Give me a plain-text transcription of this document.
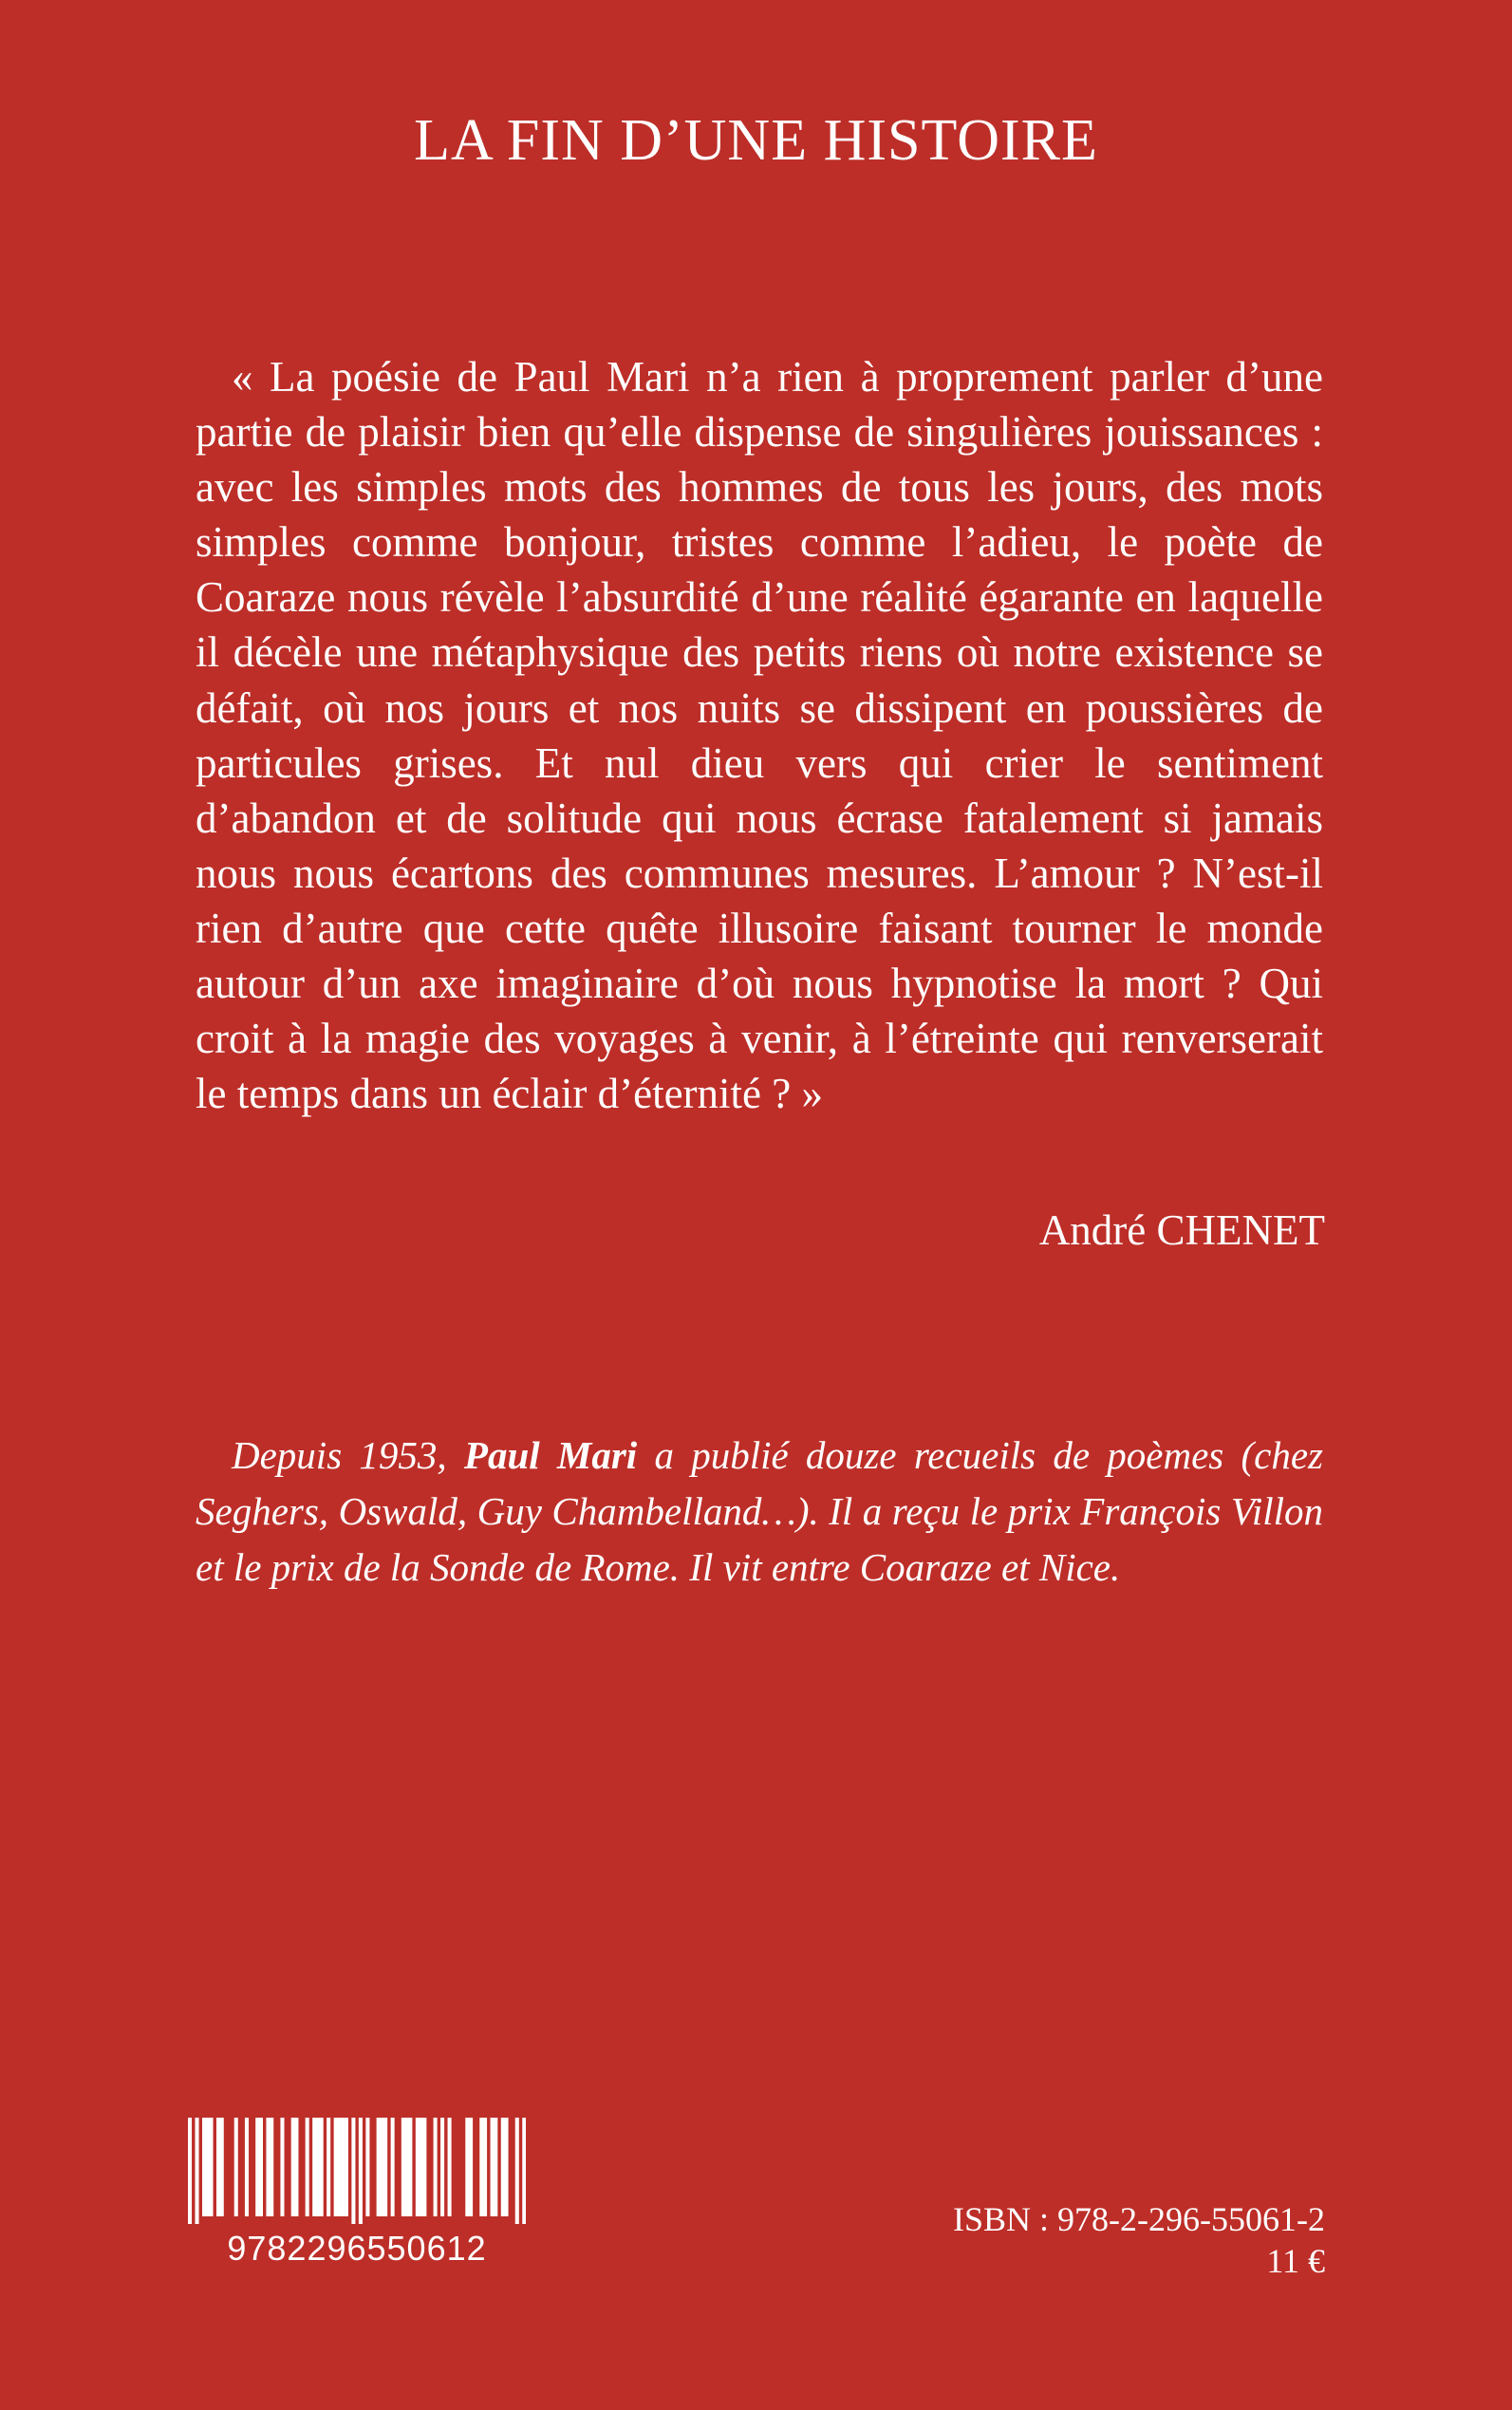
LA FIN D’UNE HISTOIRE

« La poésie de Paul Mari n’a rien à proprement parler d’une partie de plaisir bien qu’elle dispense de singulières jouissances : avec les simples mots des hommes de tous les jours, des mots simples comme bonjour, tristes comme l’adieu, le poète de Coaraze nous révèle l’absurdité d’une réalité égarante en laquelle il décèle une métaphysique des petits riens où notre existence se défait, où nos jours et nos nuits se dissipent en poussières de particules grises. Et nul dieu vers qui crier le sentiment d’abandon et de solitude qui nous écrase fatalement si jamais nous nous écartons des communes mesures. L’amour ? N’est-il rien d’autre que cette quête illusoire faisant tourner le monde autour d’un axe imaginaire d’où nous hypnotise la mort ? Qui croit à la magie des voyages à venir, à l’étreinte qui renverserait le temps dans un éclair d’éternité ? »

André CHENET

Depuis 1953, Paul Mari a publié douze recueils de poèmes (chez Seghers, Oswald, Guy Chambelland…). Il a reçu le prix François Villon et le prix de la Sonde de Rome. Il vit entre Coaraze et Nice.

9782296550612

ISBN : 978-2-296-55061-2

11 €
